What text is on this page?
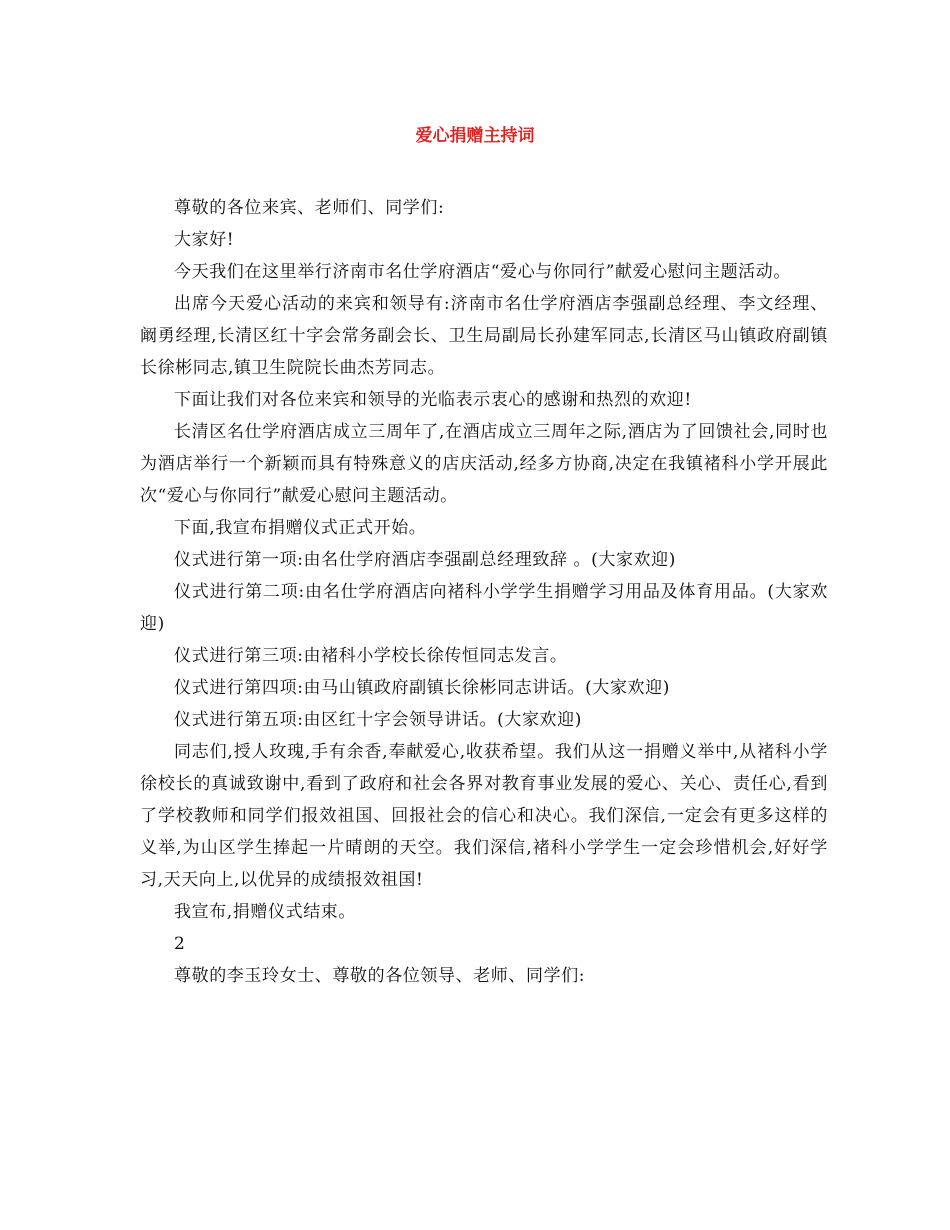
爱心捐赠主持词

尊敬的各位来宾、老师们、同学们:

大家好!

今天我们在这里举行济南市名仕学府酒店“爱心与你同行”献爱心慰问主题活动。

出席今天爱心活动的来宾和领导有:济南市名仕学府酒店李强副总经理、李文经理、阚勇经理,长清区红十字会常务副会长、卫生局副局长孙建军同志,长清区马山镇政府副镇长徐彬同志,镇卫生院院长曲杰芳同志。

下面让我们对各位来宾和领导的光临表示衷心的感谢和热烈的欢迎!

长清区名仕学府酒店成立三周年了,在酒店成立三周年之际,酒店为了回馈社会,同时也为酒店举行一个新颖而具有特殊意义的店庆活动,经多方协商,决定在我镇褚科小学开展此次“爱心与你同行”献爱心慰问主题活动。

下面,我宣布捐赠仪式正式开始。

仪式进行第一项:由名仕学府酒店李强副总经理致辞 。(大家欢迎)

仪式进行第二项:由名仕学府酒店向褚科小学学生捐赠学习用品及体育用品。(大家欢迎)

仪式进行第三项:由褚科小学校长徐传恒同志发言。

仪式进行第四项:由马山镇政府副镇长徐彬同志讲话。(大家欢迎)

仪式进行第五项:由区红十字会领导讲话。(大家欢迎)

同志们,授人玫瑰,手有余香,奉献爱心,收获希望。我们从这一捐赠义举中,从褚科小学徐校长的真诚致谢中,看到了政府和社会各界对教育事业发展的爱心、关心、责任心,看到了学校教师和同学们报效祖国、回报社会的信心和决心。我们深信,一定会有更多这样的义举,为山区学生捧起一片晴朗的天空。我们深信,褚科小学学生一定会珍惜机会,好好学习,天天向上,以优异的成绩报效祖国!

我宣布,捐赠仪式结束。

2

尊敬的李玉玲女士、尊敬的各位领导、老师、同学们:
